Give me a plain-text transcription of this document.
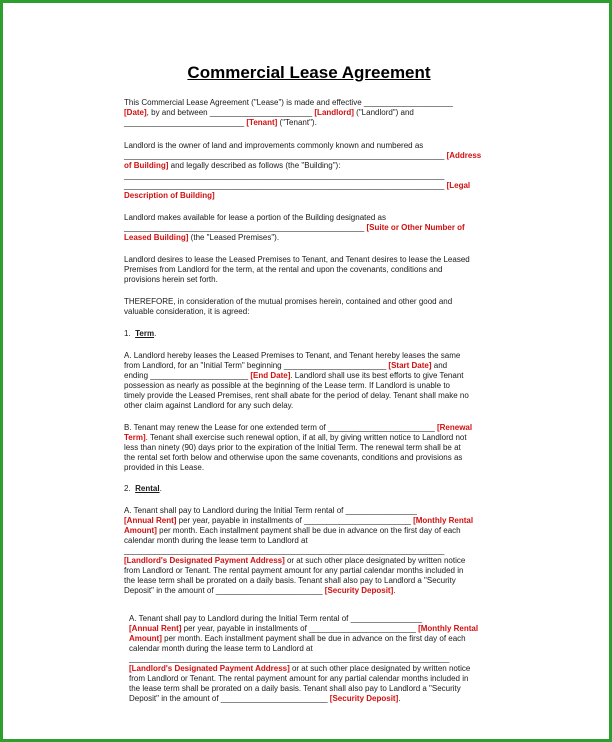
Commercial Lease Agreement
This Commercial Lease Agreement ("Lease") is made and effective ____________________
[Date], by and between _______________________ [Landlord] ("Landlord") and
___________________________ [Tenant] ("Tenant").
Landlord is the owner of land and improvements commonly known and numbered as
________________________________________________________________________ [Address
of Building] and legally described as follows (the "Building"):
________________________________________________________________________
________________________________________________________________________ [Legal
Description of Building]
Landlord makes available for lease a portion of the Building designated as
______________________________________________________ [Suite or Other Number of
Leased Building] (the "Leased Premises").
Landlord desires to lease the Leased Premises to Tenant, and Tenant desires to lease the Leased
Premises from Landlord for the term, at the rental and upon the covenants, conditions and
provisions herein set forth.
THEREFORE, in consideration of the mutual promises herein, contained and other good and
valuable consideration, it is agreed:
1.  Term.
A. Landlord hereby leases the Leased Premises to Tenant, and Tenant hereby leases the same
from Landlord, for an "Initial Term" beginning _______________________ [Start Date] and
ending ______________________ [End Date]. Landlord shall use its best efforts to give Tenant
possession as nearly as possible at the beginning of the Lease term. If Landlord is unable to
timely provide the Leased Premises, rent shall abate for the period of delay. Tenant shall make no
other claim against Landlord for any such delay.
B. Tenant may renew the Lease for one extended term of ________________________ [Renewal
Term]. Tenant shall exercise such renewal option, if at all, by giving written notice to Landlord not
less than ninety (90) days prior to the expiration of the Initial Term. The renewal term shall be at
the rental set forth below and otherwise upon the same covenants, conditions and provisions as
provided in this Lease.
2.  Rental.
A. Tenant shall pay to Landlord during the Initial Term rental of ________________
[Annual Rent] per year, payable in installments of ________________________ [Monthly Rental
Amount] per month. Each installment payment shall be due in advance on the first day of each
calendar month during the lease term to Landlord at
________________________________________________________________________
[Landlord's Designated Payment Address] or at such other place designated by written notice
from Landlord or Tenant. The rental payment amount for any partial calendar months included in
the lease term shall be prorated on a daily basis. Tenant shall also pay to Landlord a "Security
Deposit" in the amount of ________________________ [Security Deposit].
A. Tenant shall pay to Landlord during the Initial Term rental of ________________
[Annual Rent] per year, payable in installments of ________________________ [Monthly Rental
Amount] per month. Each installment payment shall be due in advance on the first day of each
calendar month during the lease term to Landlord at
________________________________________________________________________
[Landlord's Designated Payment Address] or at such other place designated by written notice
from Landlord or Tenant. The rental payment amount for any partial calendar months included in
the lease term shall be prorated on a daily basis. Tenant shall also pay to Landlord a "Security
Deposit" in the amount of ________________________ [Security Deposit].
